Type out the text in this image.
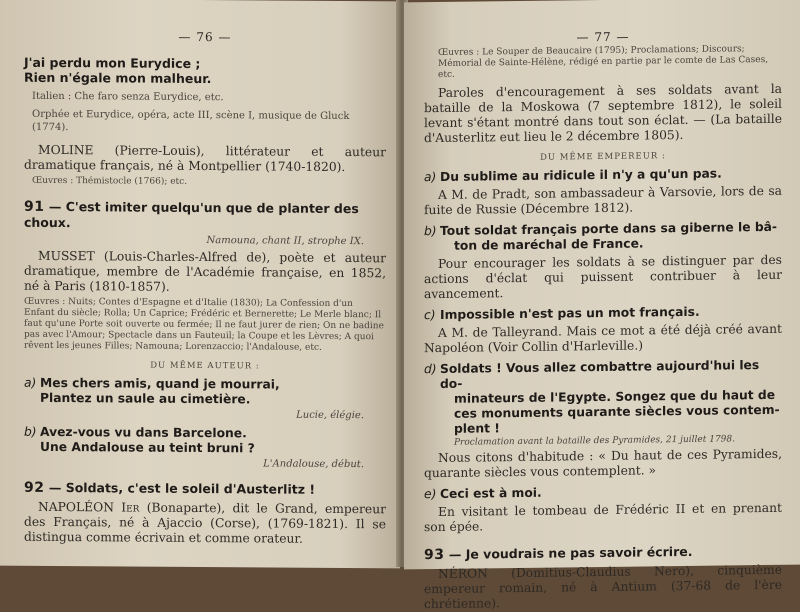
— 76 —

J'ai perdu mon Eurydice ;

Rien n'égale mon malheur.

Italien : Che faro senza Eurydice, etc.

Orphée et Eurydice, opéra, acte III, scène I, musique de Gluck (1774).

MOLINE (Pierre-Louis), littérateur et auteur dramatique français, né à Montpellier (1740-1820).

Œuvres : Thémistocle (1766); etc.

91 — C'est imiter quelqu'un que de planter des choux.
Namouna, chant II, strophe IX.

MUSSET (Louis-Charles-Alfred de), poète et auteur dramatique, membre de l'Académie française, en 1852, né à Paris (1810-1857).

Œuvres : Nuits; Contes d'Espagne et d'Italie (1830); La Confession d'un Enfant du siècle; Rolla; Un Caprice; Frédéric et Bernerette; Le Merle blanc; Il faut qu'une Porte soit ouverte ou fermée; Il ne faut jurer de rien; On ne badine pas avec l'Amour; Spectacle dans un Fauteuil; la Coupe et les Lèvres; A quoi rêvent les jeunes Filles; Namouna; Lorenzaccio; l'Andalouse, etc.

DU MÊME AUTEUR :
a) Mes chers amis, quand je mourrai,
Plantez un saule au cimetière.
Lucie, élégie.
b) Avez-vous vu dans Barcelone.
Une Andalouse au teint bruni ?
L'Andalouse, début.
92 — Soldats, c'est le soleil d'Austerlitz !

NAPOLÉON Ier (Bonaparte), dit le Grand, empereur des Français, né à Ajaccio (Corse), (1769-1821). Il se distingua comme écrivain et comme orateur.

— 77 —

Œuvres : Le Souper de Beaucaire (1795); Proclamations; Discours; Mémorial de Sainte-Hélène, rédigé en partie par le comte de Las Cases, etc.

Paroles d'encouragement à ses soldats avant la bataille de la Moskowa (7 septembre 1812), le soleil levant s'étant montré dans tout son éclat. — (La bataille d'Austerlitz eut lieu le 2 décembre 1805).

DU MÊME EMPEREUR :
a) Du sublime au ridicule il n'y a qu'un pas.

A M. de Pradt, son ambassadeur à Varsovie, lors de sa fuite de Russie (Décembre 1812).

b) Tout soldat français porte dans sa giberne le bâ-
ton de maréchal de France.

Pour encourager les soldats à se distinguer par des actions d'éclat qui puissent contribuer à leur avancement.

c) Impossible n'est pas un mot français.

A M. de Talleyrand. Mais ce mot a été déjà créé avant Napoléon (Voir Collin d'Harleville.)

d) Soldats ! Vous allez combattre aujourd'hui les do-
minateurs de l'Egypte. Songez que du haut de
ces monuments quarante siècles vous contem-
plent !

Proclamation avant la bataille des Pyramides, 21 juillet 1798.

Nous citons d'habitude : « Du haut de ces Pyramides, quarante siècles vous contemplent. »

e) Ceci est à moi.

En visitant le tombeau de Frédéric II et en prenant son épée.

93 — Je voudrais ne pas savoir écrire.

NÉRON (Domitius-Claudius Nero), cinquième empereur romain, né à Antium (37-68 de l'ère chrétienne).
